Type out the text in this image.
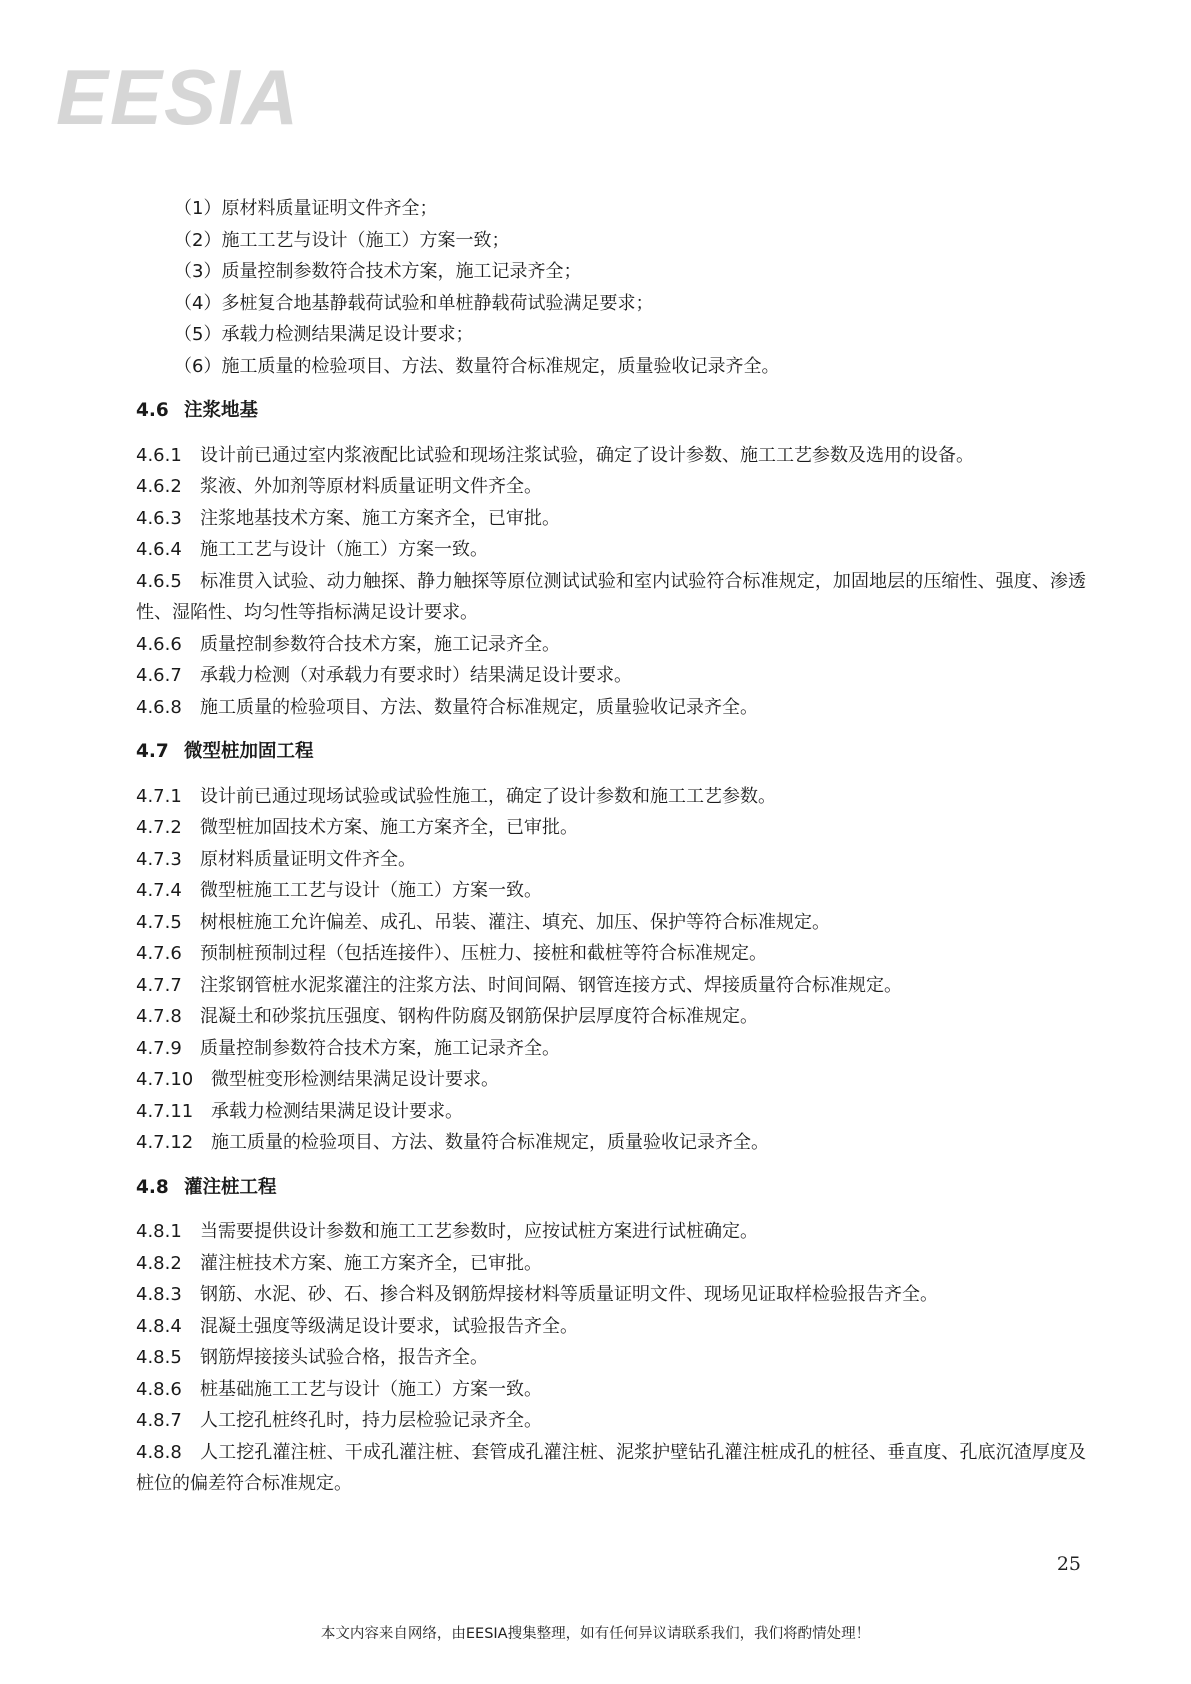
EESIA
（1）原材料质量证明文件齐全；
（2）施工工艺与设计（施工）方案一致；
（3）质量控制参数符合技术方案，施工记录齐全；
（4）多桩复合地基静载荷试验和单桩静载荷试验满足要求；
（5）承载力检测结果满足设计要求；
（6）施工质量的检验项目、方法、数量符合标准规定，质量验收记录齐全。
4.6 注浆地基
4.6.1 设计前已通过室内浆液配比试验和现场注浆试验，确定了设计参数、施工工艺参数及选用的设备。
4.6.2 浆液、外加剂等原材料质量证明文件齐全。
4.6.3 注浆地基技术方案、施工方案齐全，已审批。
4.6.4 施工工艺与设计（施工）方案一致。
4.6.5 标准贯入试验、动力触探、静力触探等原位测试试验和室内试验符合标准规定，加固地层的压缩性、强度、渗透性、湿陷性、均匀性等指标满足设计要求。
4.6.6 质量控制参数符合技术方案，施工记录齐全。
4.6.7 承载力检测（对承载力有要求时）结果满足设计要求。
4.6.8 施工质量的检验项目、方法、数量符合标准规定，质量验收记录齐全。
4.7 微型桩加固工程
4.7.1 设计前已通过现场试验或试验性施工，确定了设计参数和施工工艺参数。
4.7.2 微型桩加固技术方案、施工方案齐全，已审批。
4.7.3 原材料质量证明文件齐全。
4.7.4 微型桩施工工艺与设计（施工）方案一致。
4.7.5 树根桩施工允许偏差、成孔、吊装、灌注、填充、加压、保护等符合标准规定。
4.7.6 预制桩预制过程（包括连接件）、压桩力、接桩和截桩等符合标准规定。
4.7.7 注浆钢管桩水泥浆灌注的注浆方法、时间间隔、钢管连接方式、焊接质量符合标准规定。
4.7.8 混凝土和砂浆抗压强度、钢构件防腐及钢筋保护层厚度符合标准规定。
4.7.9 质量控制参数符合技术方案，施工记录齐全。
4.7.10 微型桩变形检测结果满足设计要求。
4.7.11 承载力检测结果满足设计要求。
4.7.12 施工质量的检验项目、方法、数量符合标准规定，质量验收记录齐全。
4.8 灌注桩工程
4.8.1 当需要提供设计参数和施工工艺参数时，应按试桩方案进行试桩确定。
4.8.2 灌注桩技术方案、施工方案齐全，已审批。
4.8.3 钢筋、水泥、砂、石、掺合料及钢筋焊接材料等质量证明文件、现场见证取样检验报告齐全。
4.8.4 混凝土强度等级满足设计要求，试验报告齐全。
4.8.5 钢筋焊接接头试验合格，报告齐全。
4.8.6 桩基础施工工艺与设计（施工）方案一致。
4.8.7 人工挖孔桩终孔时，持力层检验记录齐全。
4.8.8 人工挖孔灌注桩、干成孔灌注桩、套管成孔灌注桩、泥浆护壁钻孔灌注桩成孔的桩径、垂直度、孔底沉渣厚度及桩位的偏差符合标准规定。
25
本文内容来自网络，由EESIA搜集整理，如有任何异议请联系我们，我们将酌情处理！
